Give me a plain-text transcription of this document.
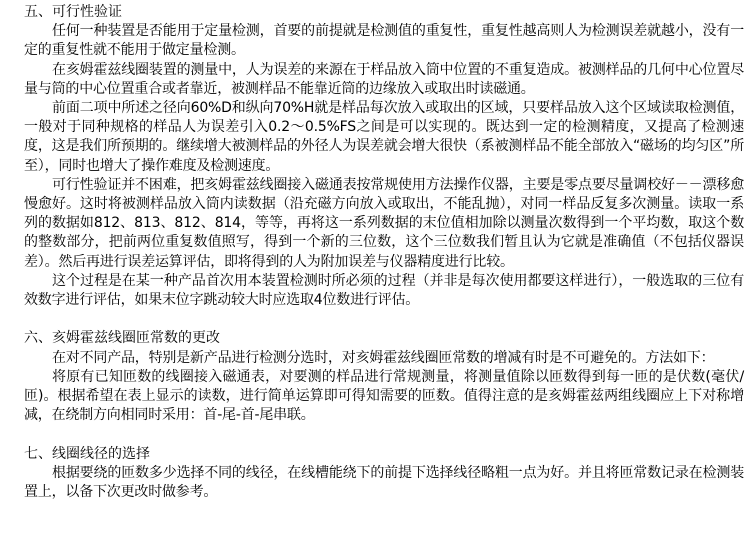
五、可行性验证

任何一种装置是否能用于定量检测，首要的前提就是检测值的重复性，重复性越高则人为检测误差就越小，没有一定的重复性就不能用于做定量检测。

在亥姆霍兹线圈装置的测量中，人为误差的来源在于样品放入筒中位置的不重复造成。被测样品的几何中心位置尽量与筒的中心位置重合或者靠近，被测样品不能靠近筒的边缘放入或取出时读磁通。

前面二项中所述之径向60%D和纵向70%H就是样品每次放入或取出的区域，只要样品放入这个区域读取检测值，一般对于同种规格的样品人为误差引入0.2～0.5%FS之间是可以实现的。既达到一定的检测精度，又提高了检测速度，这是我们所预期的。继续增大被测样品的外径人为误差就会增大很快（系被测样品不能全部放入“磁场的均匀区”所至），同时也增大了操作难度及检测速度。

可行性验证并不困难，把亥姆霍兹线圈接入磁通表按常规使用方法操作仪器，主要是零点要尽量调校好－－漂移愈慢愈好。这时将被测样品放入筒内读数据（沿充磁方向放入或取出，不能乱抛），对同一样品反复多次测量。读取一系列的数据如812、813、812、814，等等，再将这一系列数据的末位值相加除以测量次数得到一个平均数，取这个数的整数部分，把前两位重复数值照写，得到一个新的三位数，这个三位数我们暂且认为它就是准确值（不包括仪器误差）。然后再进行误差运算评估，即将得到的人为附加误差与仪器精度进行比较。

这个过程是在某一种产品首次用本装置检测时所必须的过程（并非是每次使用都要这样进行），一般选取的三位有效数字进行评估，如果末位字跳动较大时应选取4位数进行评估。

六、亥姆霍兹线圈匝常数的更改

在对不同产品，特别是新产品进行检测分选时，对亥姆霍兹线圈匝常数的增减有时是不可避免的。方法如下：

将原有已知匝数的线圈接入磁通表，对要测的样品进行常规测量，将测量值除以匝数得到每一匝的是伏数(毫伏/匝)。根据希望在表上显示的读数，进行简单运算即可得知需要的匝数。值得注意的是亥姆霍兹两组线圈应上下对称增减，在绕制方向相同时采用：首-尾-首-尾串联。

七、线圈线径的选择

根据要绕的匝数多少选择不同的线径，在线槽能绕下的前提下选择线径略粗一点为好。并且将匝常数记录在检测装置上，以备下次更改时做参考。
